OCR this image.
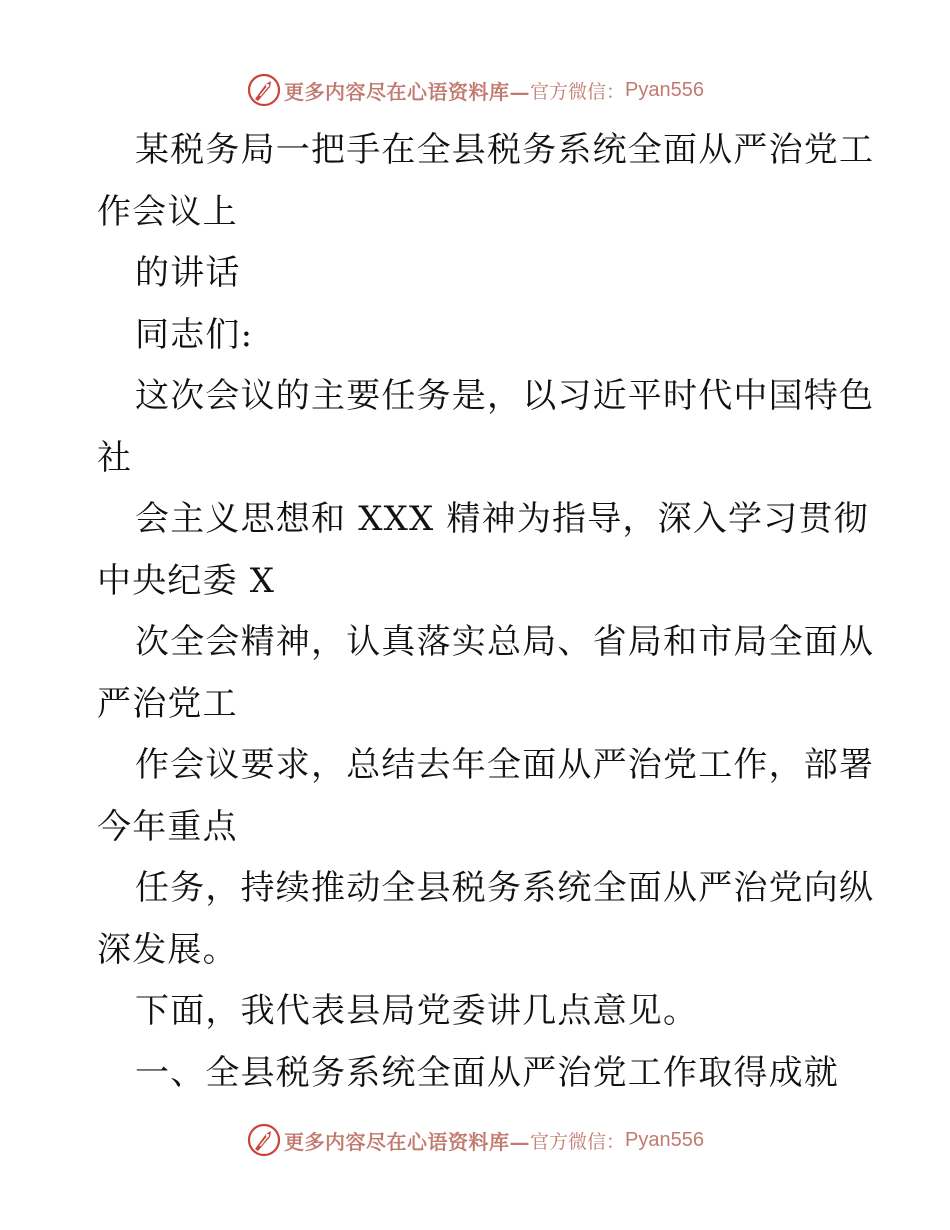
更多内容尽在心语资料库— 官方微信： Pyan556
某税务局一把手在全县税务系统全面从严治党工
作会议上
的讲话
同志们:
这次会议的主要任务是，以习近平时代中国特色
社
会主义思想和 XXX 精神为指导，深入学习贯彻
中央纪委 X
次全会精神，认真落实总局、省局和市局全面从
严治党工
作会议要求，总结去年全面从严治党工作，部署
今年重点
任务，持续推动全县税务系统全面从严治党向纵
深发展。
下面，我代表县局党委讲几点意见。
一、全县税务系统全面从严治党工作取得成就
更多内容尽在心语资料库— 官方微信： Pyan556
